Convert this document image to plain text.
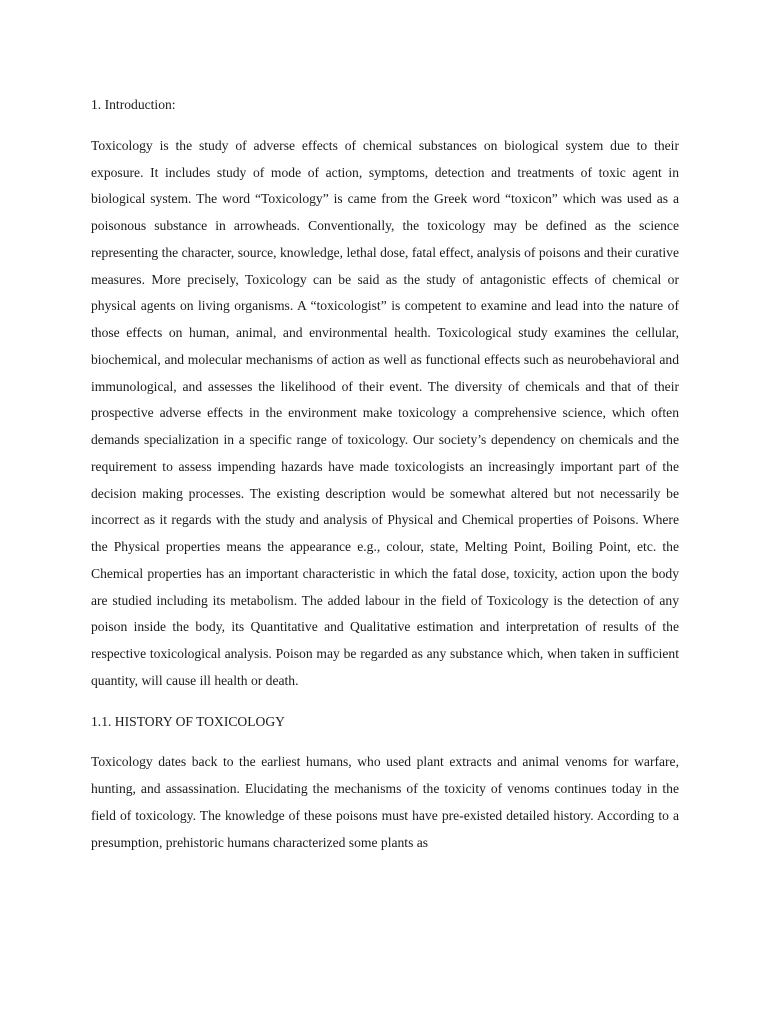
1. Introduction:

Toxicology is the study of adverse effects of chemical substances on biological system due to their exposure. It includes study of mode of action, symptoms, detection and treatments of toxic agent in biological system. The word “Toxicology” is came from the Greek word “toxicon” which was used as a poisonous substance in arrowheads. Conventionally, the toxicology may be defined as the science representing the character, source, knowledge, lethal dose, fatal effect, analysis of poisons and their curative measures. More precisely, Toxicology can be said as the study of antagonistic effects of chemical or physical agents on living organisms. A “toxicologist” is competent to examine and lead into the nature of those effects on human, animal, and environmental health. Toxicological study examines the cellular, biochemical, and molecular mechanisms of action as well as functional effects such as neurobehavioral and immunological, and assesses the likelihood of their event. The diversity of chemicals and that of their prospective adverse effects in the environment make toxicology a comprehensive science, which often demands specialization in a specific range of toxicology. Our society’s dependency on chemicals and the requirement to assess impending hazards have made toxicologists an increasingly important part of the decision making processes. The existing description would be somewhat altered but not necessarily be incorrect as it regards with the study and analysis of Physical and Chemical properties of Poisons. Where the Physical properties means the appearance e.g., colour, state, Melting Point, Boiling Point, etc. the Chemical properties has an important characteristic in which the fatal dose, toxicity, action upon the body are studied including its metabolism. The added labour in the field of Toxicology is the detection of any poison inside the body, its Quantitative and Qualitative estimation and interpretation of results of the respective toxicological analysis. Poison may be regarded as any substance which, when taken in sufficient quantity, will cause ill health or death.

1.1. HISTORY OF TOXICOLOGY

Toxicology dates back to the earliest humans, who used plant extracts and animal venoms for warfare, hunting, and assassination. Elucidating the mechanisms of the toxicity of venoms continues today in the field of toxicology. The knowledge of these poisons must have pre-existed detailed history. According to a presumption, prehistoric humans characterized some plants as
